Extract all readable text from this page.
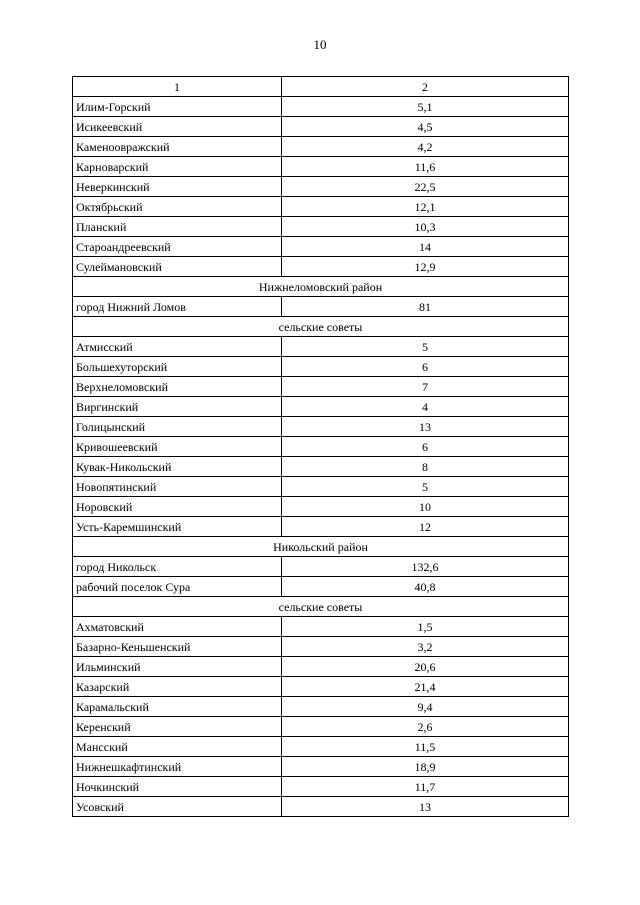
10
1	2
Илим-Горский	5,1
Исикеевский	4,5
Каменоовражский	4,2
Карноварский	11,6
Неверкинский	22,5
Октябрьский	12,1
Планский	10,3
Староандреевский	14
Сулеймановский	12,9
Нижнеломовский район	
город Нижний Ломов	81
сельские советы	
Атмисский	5
Большехуторский	6
Верхнеломовский	7
Виргинский	4
Голицынский	13
Кривошеевский	6
Кувак-Никольский	8
Новопятинский	5
Норовский	10
Усть-Каремшинский	12
Никольский район	
город Никольск	132,6
рабочий поселок Сура	40,8
сельские советы	
Ахматовский	1,5
Базарно-Кеньшенский	3,2
Ильминский	20,6
Казарский	21,4
Карамальский	9,4
Керенский	2,6
Мансский	11,5
Нижнешкафтинский	18,9
Ночкинский	11,7
Усовский	13
